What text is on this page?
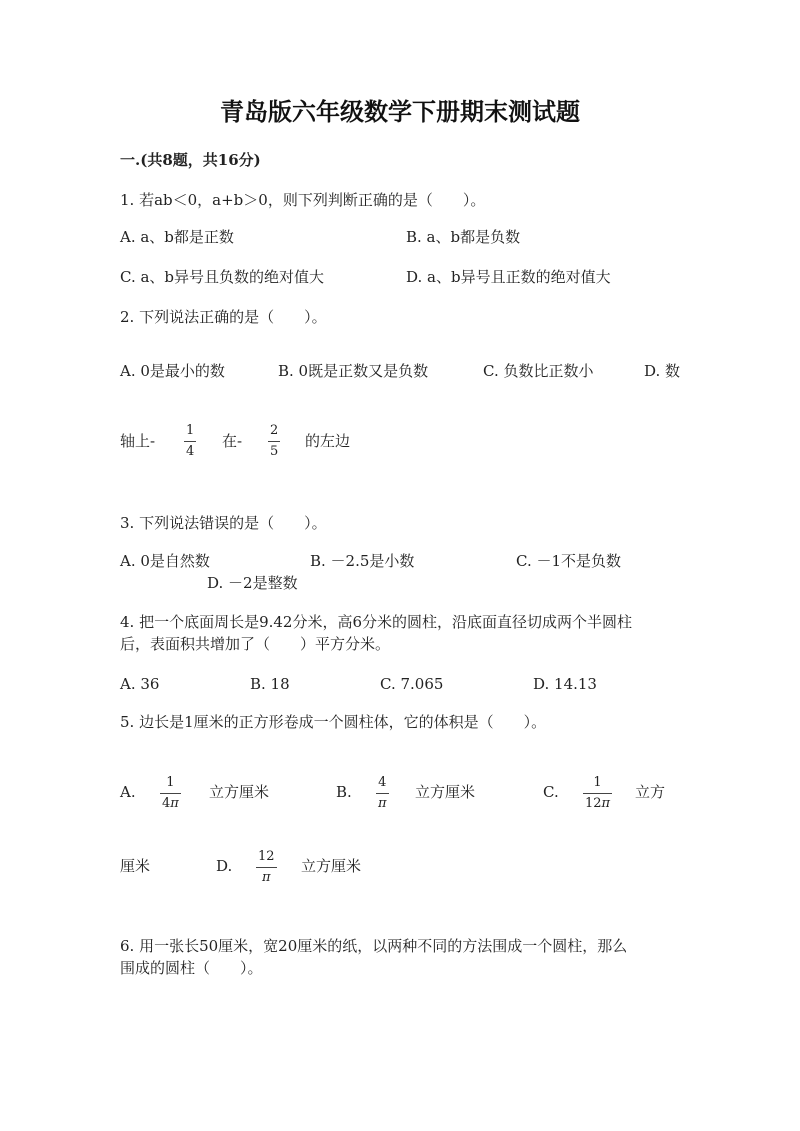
青岛版六年级数学下册期末测试题
一.(共8题，共16分)
1. 若ab＜0，a+b＞0，则下列判断正确的是（　　）。
A. a、b都是正数	B. a、b都是负数
C. a、b异号且负数的绝对值大	D. a、b异号且正数的绝对值大
2. 下列说法正确的是（　　）。
A. 0是最小的数	B. 0既是正数又是负数	C. 负数比正数小	D. 数
轴上-
1
4
在-
2
5
的左边
3. 下列说法错误的是（　　）。
A. 0是自然数	B. －2.5是小数	C. －1不是负数
D. －2是整数
4. 把一个底面周长是9.42分米，高6分米的圆柱，沿底面直径切成两个半圆柱
后，表面积共增加了（　　）平方分米。
A. 36	B. 18	C. 7.065	D. 14.13
5. 边长是1厘米的正方形卷成一个圆柱体，它的体积是（　　）。
A.
1
4π
立方厘米	B.
4
π
立方厘米	C.
1
12π
立方
厘米	D.
12
π
立方厘米
6. 用一张长50厘米，宽20厘米的纸，以两种不同的方法围成一个圆柱，那么
围成的圆柱（　　）。
